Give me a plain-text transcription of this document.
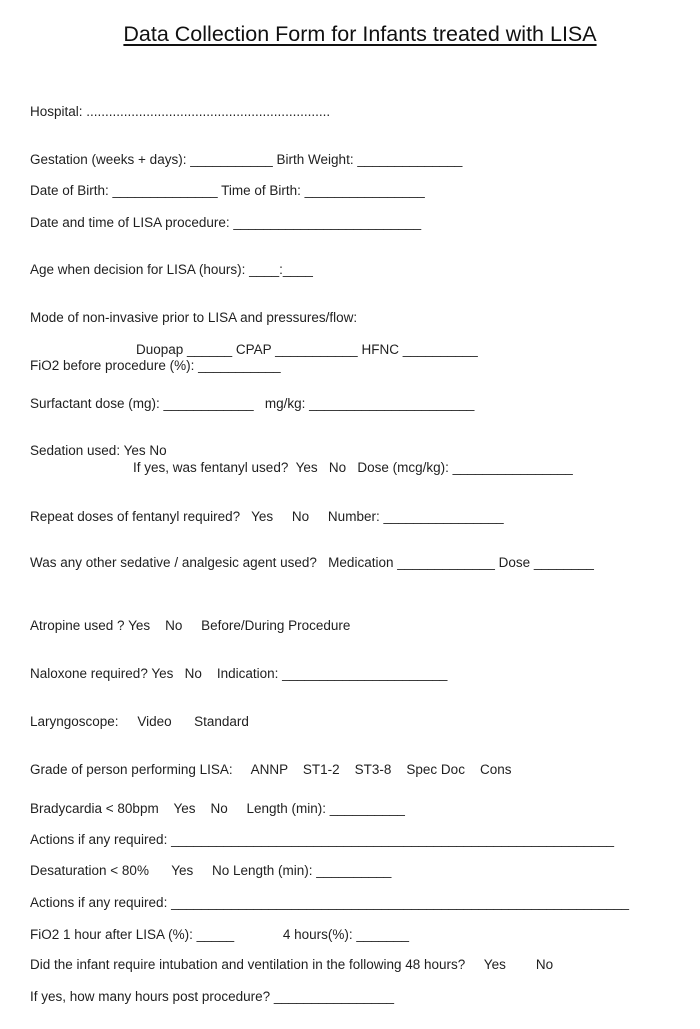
Data Collection Form for Infants treated with LISA
Hospital: .................................................................
Gestation (weeks + days): ___________ Birth Weight: ______________
Date of Birth: ______________ Time of Birth: ________________
Date and time of LISA procedure: _________________________
Age when decision for LISA (hours): ____:____
Mode of non-invasive prior to LISA and pressures/flow:
Duopap ______ CPAP ___________ HFNC __________
FiO2 before procedure (%): ___________
Surfactant dose (mg): ____________   mg/kg: ______________________
Sedation used: Yes No
If yes, was fentanyl used?  Yes   No   Dose (mcg/kg): ________________
Repeat doses of fentanyl required?   Yes     No     Number: ________________
Was any other sedative / analgesic agent used?   Medication _____________ Dose ________
Atropine used ? Yes    No     Before/During Procedure
Naloxone required? Yes   No    Indication: ______________________
Laryngoscope:     Video      Standard
Grade of person performing LISA:     ANNP    ST1-2    ST3-8    Spec Doc    Cons
Bradycardia < 80bpm    Yes    No     Length (min): __________
Actions if any required: ___________________________________________________________
Desaturation < 80%      Yes     No Length (min): __________
Actions if any required: _____________________________________________________________
FiO2 1 hour after LISA (%): _____             4 hours(%): _______
Did the infant require intubation and ventilation in the following 48 hours?     Yes        No
If yes, how many hours post procedure? ________________
